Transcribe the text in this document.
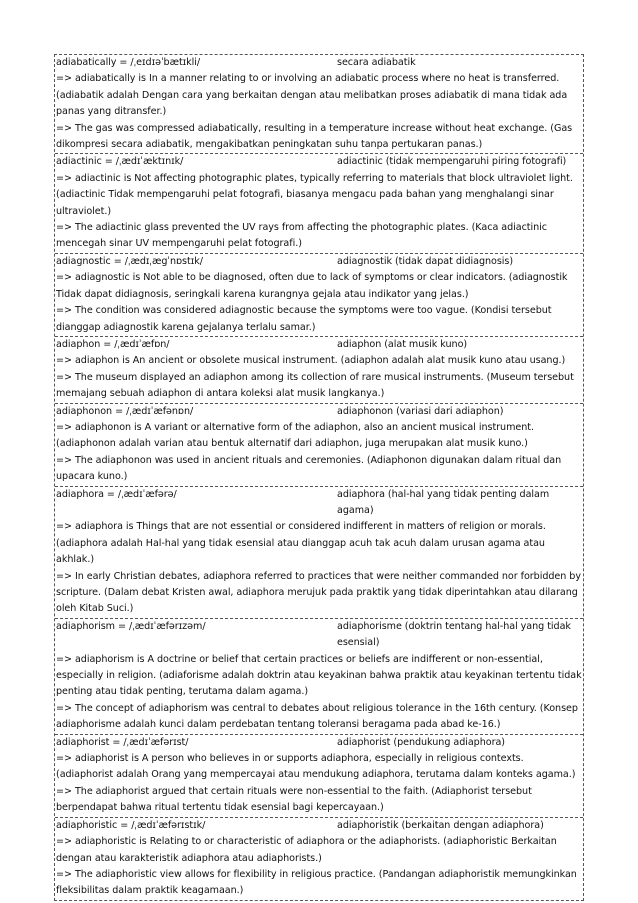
adiabatically = /ˌeɪdɪəˈbætɪkli/	secara adiabatik

=> adiabatically is In a manner relating to or involving an adiabatic process where no heat is transferred. (adiabatik adalah Dengan cara yang berkaitan dengan atau melibatkan proses adiabatik di mana tidak ada panas yang ditransfer.)

=> The gas was compressed adiabatically, resulting in a temperature increase without heat exchange. (Gas dikompresi secara adiabatik, mengakibatkan peningkatan suhu tanpa pertukaran panas.)

adiactinic = /ˌædɪˈæktɪnɪk/	adiactinic (tidak mempengaruhi piring fotografi)

=> adiactinic is Not affecting photographic plates, typically referring to materials that block ultraviolet light. (adiactinic Tidak mempengaruhi pelat fotografi, biasanya mengacu pada bahan yang menghalangi sinar ultraviolet.)

=> The adiactinic glass prevented the UV rays from affecting the photographic plates. (Kaca adiactinic mencegah sinar UV mempengaruhi pelat fotografi.)

adiagnostic = /ˌædɪˌægˈnɒstɪk/	adiagnostik (tidak dapat didiagnosis)

=> adiagnostic is Not able to be diagnosed, often due to lack of symptoms or clear indicators. (adiagnostik Tidak dapat didiagnosis, seringkali karena kurangnya gejala atau indikator yang jelas.)

=> The condition was considered adiagnostic because the symptoms were too vague. (Kondisi tersebut dianggap adiagnostik karena gejalanya terlalu samar.)

adiaphon = /ˌædɪˈæfɒn/	adiaphon (alat musik kuno)

=> adiaphon is An ancient or obsolete musical instrument. (adiaphon adalah alat musik kuno atau usang.)

=> The museum displayed an adiaphon among its collection of rare musical instruments. (Museum tersebut memajang sebuah adiaphon di antara koleksi alat musik langkanya.)

adiaphonon = /ˌædɪˈæfənɒn/	adiaphonon (variasi dari adiaphon)

=> adiaphonon is A variant or alternative form of the adiaphon, also an ancient musical instrument. (adiaphonon adalah varian atau bentuk alternatif dari adiaphon, juga merupakan alat musik kuno.)

=> The adiaphonon was used in ancient rituals and ceremonies. (Adiaphonon digunakan dalam ritual dan upacara kuno.)

adiaphora = /ˌædɪˈæfərə/	adiaphora (hal-hal yang tidak penting dalam agama)

=> adiaphora is Things that are not essential or considered indifferent in matters of religion or morals. (adiaphora adalah Hal-hal yang tidak esensial atau dianggap acuh tak acuh dalam urusan agama atau akhlak.)

=> In early Christian debates, adiaphora referred to practices that were neither commanded nor forbidden by scripture. (Dalam debat Kristen awal, adiaphora merujuk pada praktik yang tidak diperintahkan atau dilarang oleh Kitab Suci.)

adiaphorism = /ˌædɪˈæfərɪzəm/	adiaphorisme (doktrin tentang hal-hal yang tidak esensial)

=> adiaphorism is A doctrine or belief that certain practices or beliefs are indifferent or non-essential, especially in religion. (adiaforisme adalah doktrin atau keyakinan bahwa praktik atau keyakinan tertentu tidak penting atau tidak penting, terutama dalam agama.)

=> The concept of adiaphorism was central to debates about religious tolerance in the 16th century. (Konsep adiaphorisme adalah kunci dalam perdebatan tentang toleransi beragama pada abad ke-16.)

adiaphorist = /ˌædɪˈæfərɪst/	adiaphorist (pendukung adiaphora)

=> adiaphorist is A person who believes in or supports adiaphora, especially in religious contexts. (adiaphorist adalah Orang yang mempercayai atau mendukung adiaphora, terutama dalam konteks agama.)

=> The adiaphorist argued that certain rituals were non-essential to the faith. (Adiaphorist tersebut berpendapat bahwa ritual tertentu tidak esensial bagi kepercayaan.)

adiaphoristic = /ˌædɪˈæfərɪstɪk/	adiaphoristik (berkaitan dengan adiaphora)

=> adiaphoristic is Relating to or characteristic of adiaphora or the adiaphorists. (adiaphoristic Berkaitan dengan atau karakteristik adiaphora atau adiaphorists.)

=> The adiaphoristic view allows for flexibility in religious practice. (Pandangan adiaphoristik memungkinkan fleksibilitas dalam praktik keagamaan.)
